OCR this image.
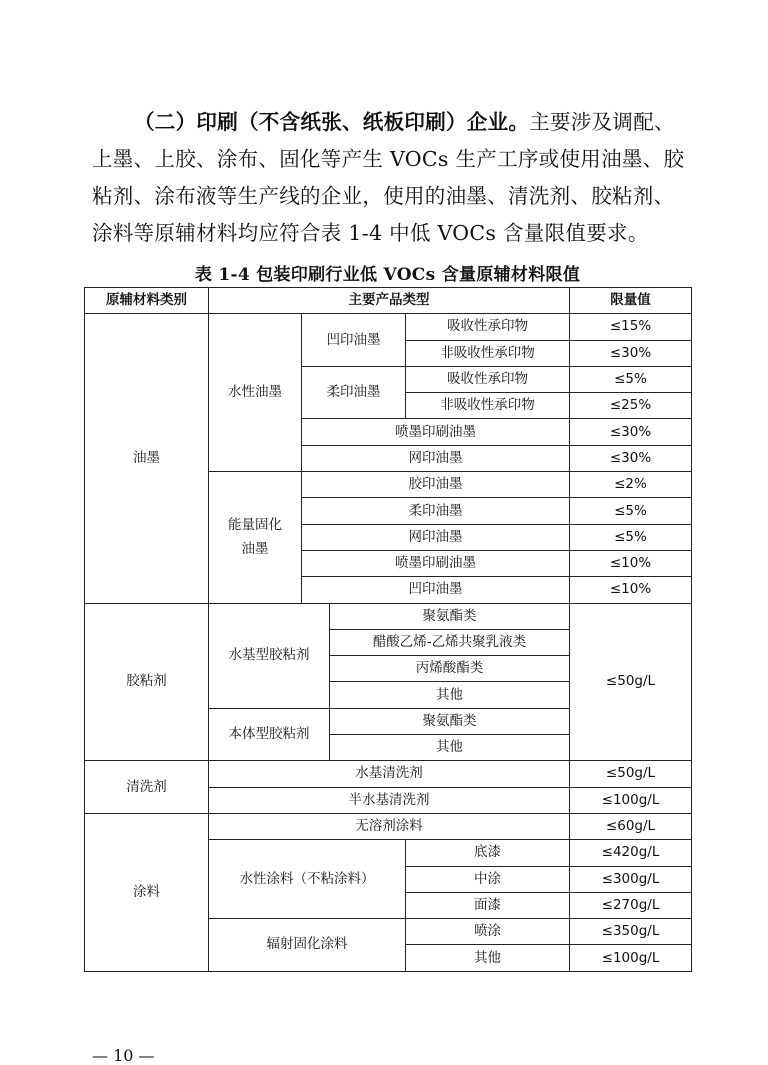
（二）印刷（不含纸张、纸板印刷）企业。主要涉及调配、
上墨、上胶、涂布、固化等产生 VOCs 生产工序或使用油墨、胶
粘剂、涂布液等生产线的企业，使用的油墨、清洗剂、胶粘剂、
涂料等原辅材料均应符合表 1-4 中低 VOCs 含量限值要求。
表 1-4 包装印刷行业低 VOCs 含量原辅材料限值
原辅材料类别	主要产品类型				限量值
油墨	水性油墨	凹印油墨		吸收性承印物	≤15%
				非吸收性承印物	≤30%
		柔印油墨		吸收性承印物	≤5%
				非吸收性承印物	≤25%
		喷墨印刷油墨			≤30%
		网印油墨			≤30%
	能量固化油墨	胶印油墨			≤2%
		柔印油墨			≤5%
		网印油墨			≤5%
		喷墨印刷油墨			≤10%
		凹印油墨			≤10%
胶粘剂	水基型胶粘剂		聚氨酯类		≤50g/L
			醋酸乙烯-乙烯共聚乳液类		
			丙烯酸酯类		
			其他		
	本体型胶粘剂		聚氨酯类		
			其他		
清洗剂	水基清洗剂				≤50g/L
	半水基清洗剂				≤100g/L
涂料	无溶剂涂料				≤60g/L
	水性涂料（不粘涂料）			底漆	≤420g/L
				中涂	≤300g/L
				面漆	≤270g/L
	辐射固化涂料			喷涂	≤350g/L
				其他	≤100g/L
— 10 —
